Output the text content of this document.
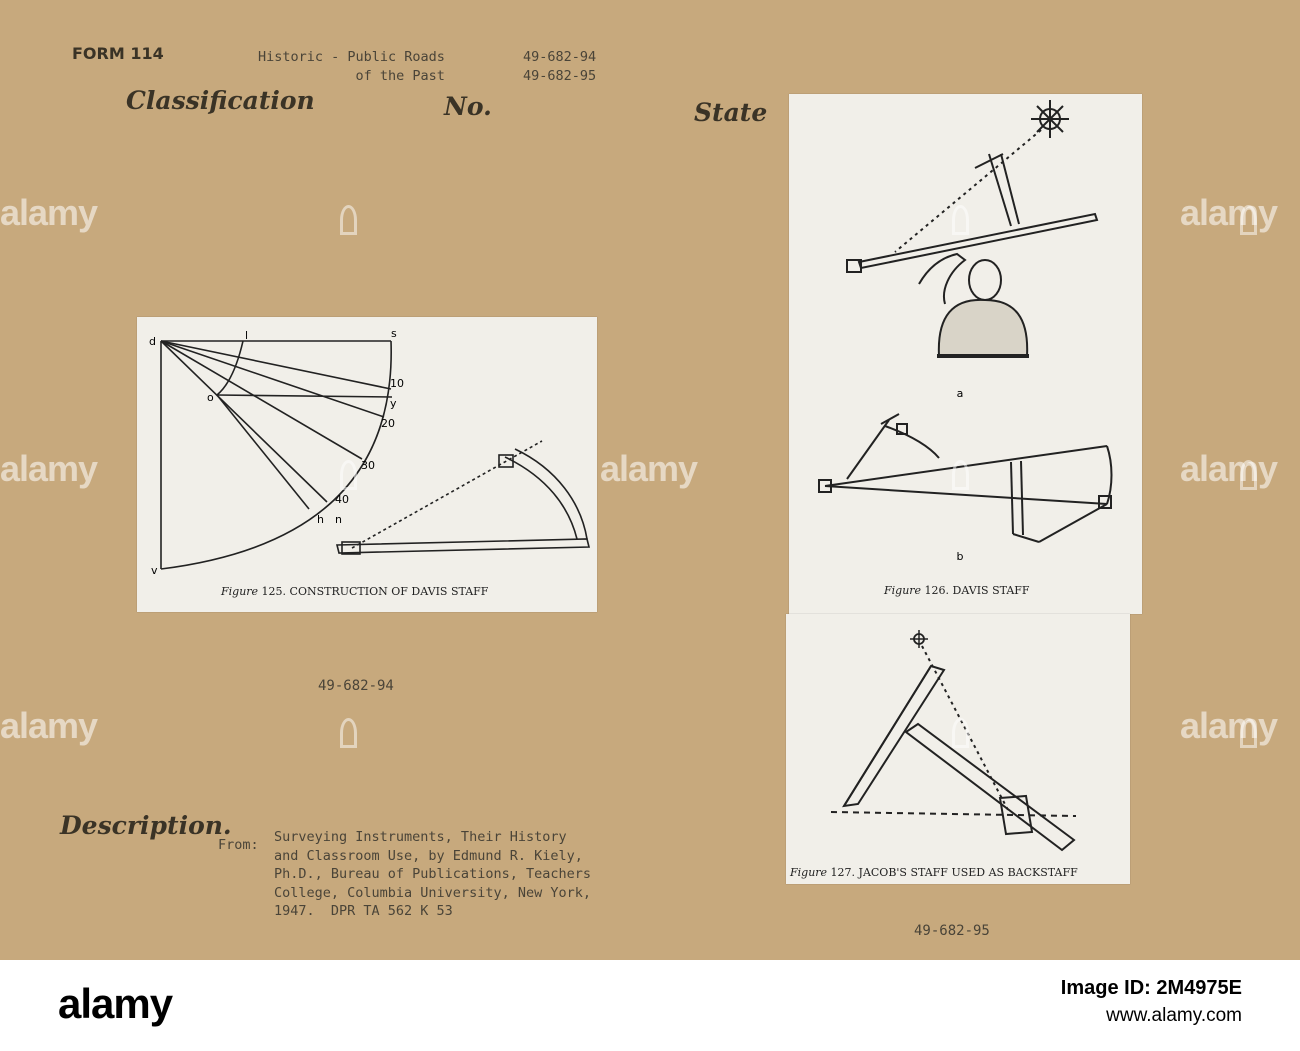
FORM 114
Classification	No.	State
Historic - Public Roads
of the Past
49-682-94
49-682-95
d	l	s
o
10
y
20
30
40
h n
v
Figure 125. CONSTRUCTION OF DAVIS STAFF
a
b
Figure 126. DAVIS STAFF
Figure 127. JACOB'S STAFF USED AS BACKSTAFF
49-682-94
49-682-95
Description.
From: Surveying Instruments, Their History
and Classroom Use, by Edmund R. Kiely,
Ph.D., Bureau of Publications, Teachers
College, Columbia University, New York,
1947.  DPR TA 562 K 53
alamy
alamy
alamy
alamy
alamy
alamy
alamy
alamy	Image ID: 2M4975E
www.alamy.com
